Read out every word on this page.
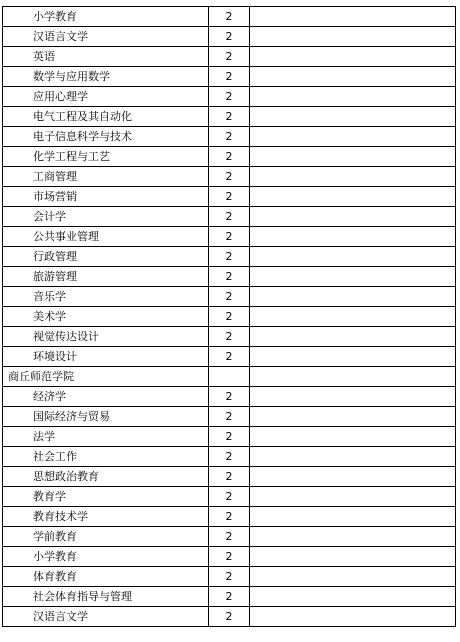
小学教育	2	
汉语言文学	2	
英语	2	
数学与应用数学	2	
应用心理学	2	
电气工程及其自动化	2	
电子信息科学与技术	2	
化学工程与工艺	2	
工商管理	2	
市场营销	2	
会计学	2	
公共事业管理	2	
行政管理	2	
旅游管理	2	
音乐学	2	
美术学	2	
视觉传达设计	2	
环境设计	2	
商丘师范学院		
经济学	2	
国际经济与贸易	2	
法学	2	
社会工作	2	
思想政治教育	2	
教育学	2	
教育技术学	2	
学前教育	2	
小学教育	2	
体育教育	2	
社会体育指导与管理	2	
汉语言文学	2	
